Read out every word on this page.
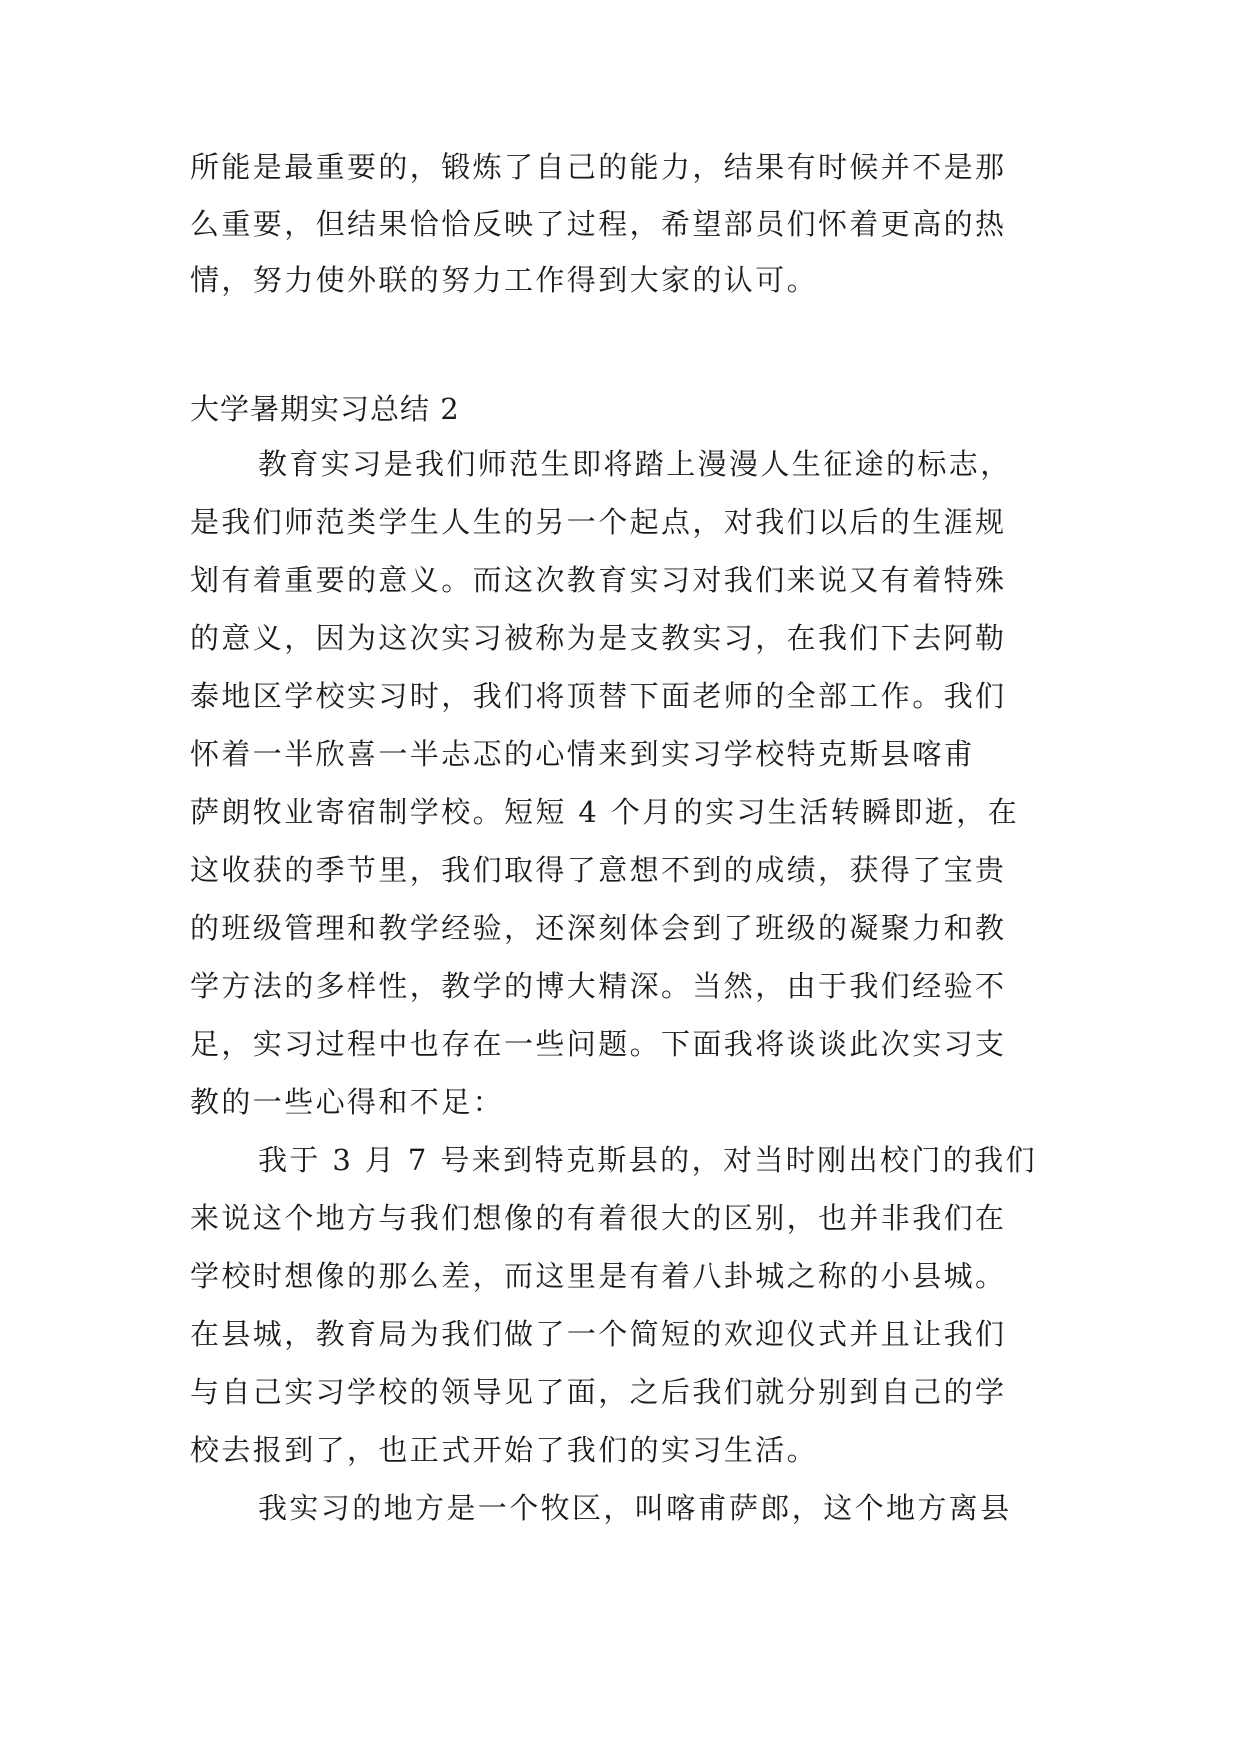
所能是最重要的，锻炼了自己的能力，结果有时候并不是那
么重要，但结果恰恰反映了过程，希望部员们怀着更高的热
情，努力使外联的努力工作得到大家的认可。
大学暑期实习总结 2
教育实习是我们师范生即将踏上漫漫人生征途的标志，
是我们师范类学生人生的另一个起点，对我们以后的生涯规
划有着重要的意义。而这次教育实习对我们来说又有着特殊
的意义，因为这次实习被称为是支教实习，在我们下去阿勒
泰地区学校实习时，我们将顶替下面老师的全部工作。我们
怀着一半欣喜一半忐忑的心情来到实习学校特克斯县喀甫
萨朗牧业寄宿制学校。短短 4 个月的实习生活转瞬即逝，在
这收获的季节里，我们取得了意想不到的成绩，获得了宝贵
的班级管理和教学经验，还深刻体会到了班级的凝聚力和教
学方法的多样性，教学的博大精深。当然，由于我们经验不
足，实习过程中也存在一些问题。下面我将谈谈此次实习支
教的一些心得和不足：
我于 3 月 7 号来到特克斯县的，对当时刚出校门的我们
来说这个地方与我们想像的有着很大的区别，也并非我们在
学校时想像的那么差，而这里是有着八卦城之称的小县城。
在县城，教育局为我们做了一个简短的欢迎仪式并且让我们
与自己实习学校的领导见了面，之后我们就分别到自己的学
校去报到了，也正式开始了我们的实习生活。
我实习的地方是一个牧区，叫喀甫萨郎，这个地方离县
